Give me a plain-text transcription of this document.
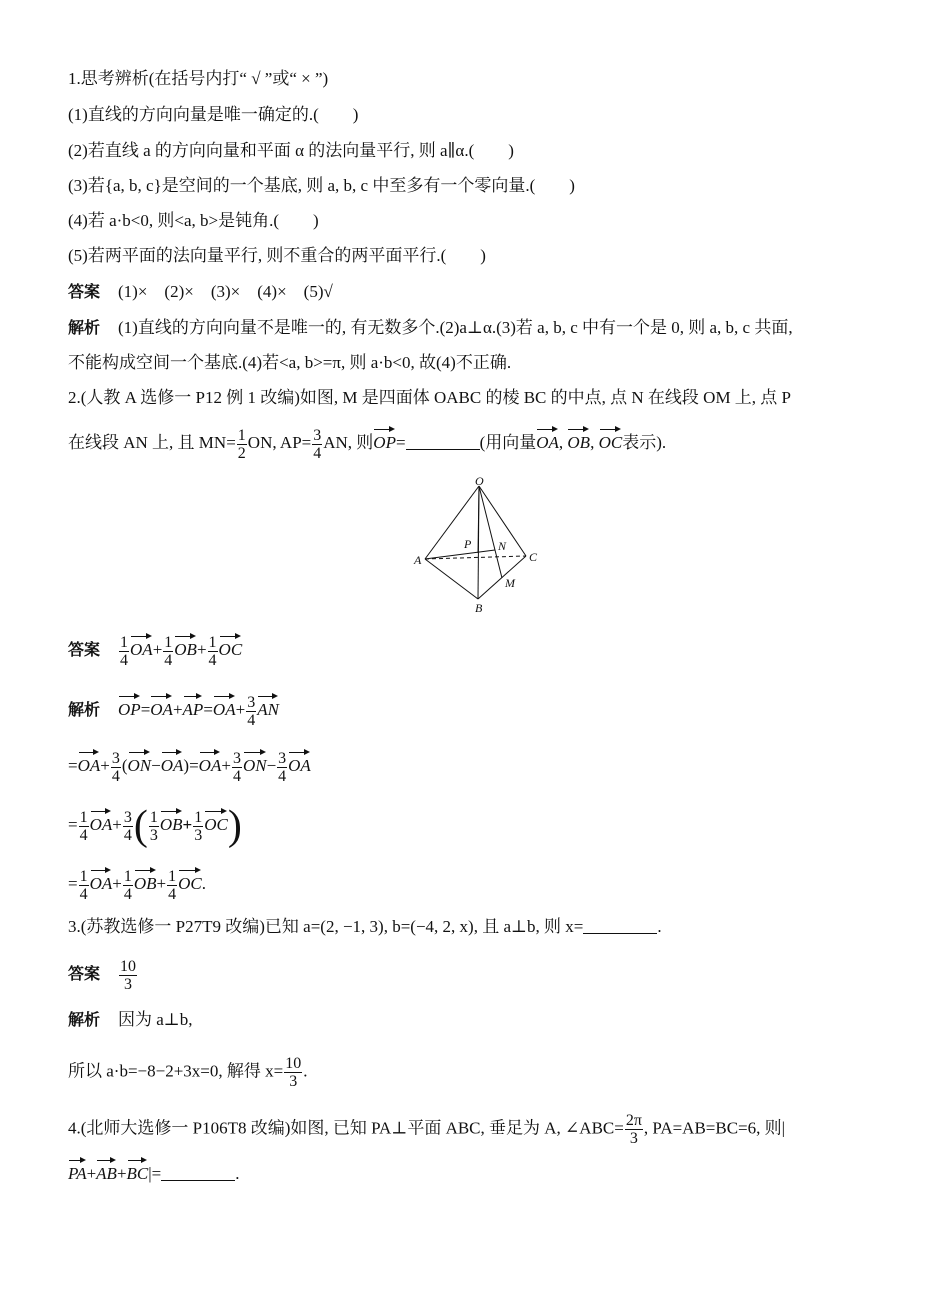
1.思考辨析(在括号内打“ √ ”或“ × ”)
(1)直线的方向向量是唯一确定的.(　　)
(2)若直线 a 的方向向量和平面 α 的法向量平行, 则 a∥α.(　　)
(3)若{a, b, c}是空间的一个基底, 则 a, b, c 中至多有一个零向量.(　　)
(4)若 a·b<0, 则<a, b>是钝角.(　　)
(5)若两平面的法向量平行, 则不重合的两平面平行.(　　)
答案 (1)×　(2)×　(3)×　(4)×　(5)√
解析 (1)直线的方向向量不是唯一的, 有无数多个.(2)a⊥α.(3)若 a, b, c 中有一个是 0, 则 a, b, c 共面,
不能构成空间一个基底.(4)若<a, b>=π, 则 a·b<0, 故(4)不正确.
2.(人教 A 选修一 P12 例 1 改编)如图, M 是四面体 OABC 的棱 BC 的中点, 点 N 在线段 OM 上, 点 P
在线段 AN 上, 且 $MN= \frac{1}{2}$ ON, $AP= \frac{3}{4}$ AN, 则OP=	(用向量OA, OB, OC表示).
O
A
B
C
M
N
P
答案 $\frac{1}{4} OA+ \frac{1}{4} OB+ \frac{1}{4}$ OC
解析 $OP=OA+AP=OA+ \frac{3}{4}$ AN
$=OA+ \frac{3}{4} (ON-OA)=OA+ \frac{3}{4} ON- \frac{3}{4}$ OA
= $\frac{1}{4} OA+ \frac{3}{4}$ ( $\frac{1}{3} OB+ \frac{1}{3} OC$)
= $\frac{1}{4} OA+ \frac{1}{4} OB+ \frac{1}{4}$ OC.
3.(苏教选修一 P27T9 改编)已知 a=(2, −1, 3), b=(−4, 2, x), 且 a⊥b, 则 x=	.
答案 $\frac{10}{3}$
解析 因为 a⊥b,
所以 a·b=−8−2+3x=0, 解得 $x= \frac{10}{3}$ .
4.(北师大选修一 P106T8 改编)如图, 已知 PA⊥平面 ABC, 垂足为 A, ∠ABC= $\frac{2\pi}{3}$ , PA=AB=BC=6, 则|
PA+AB+BC|=	.
